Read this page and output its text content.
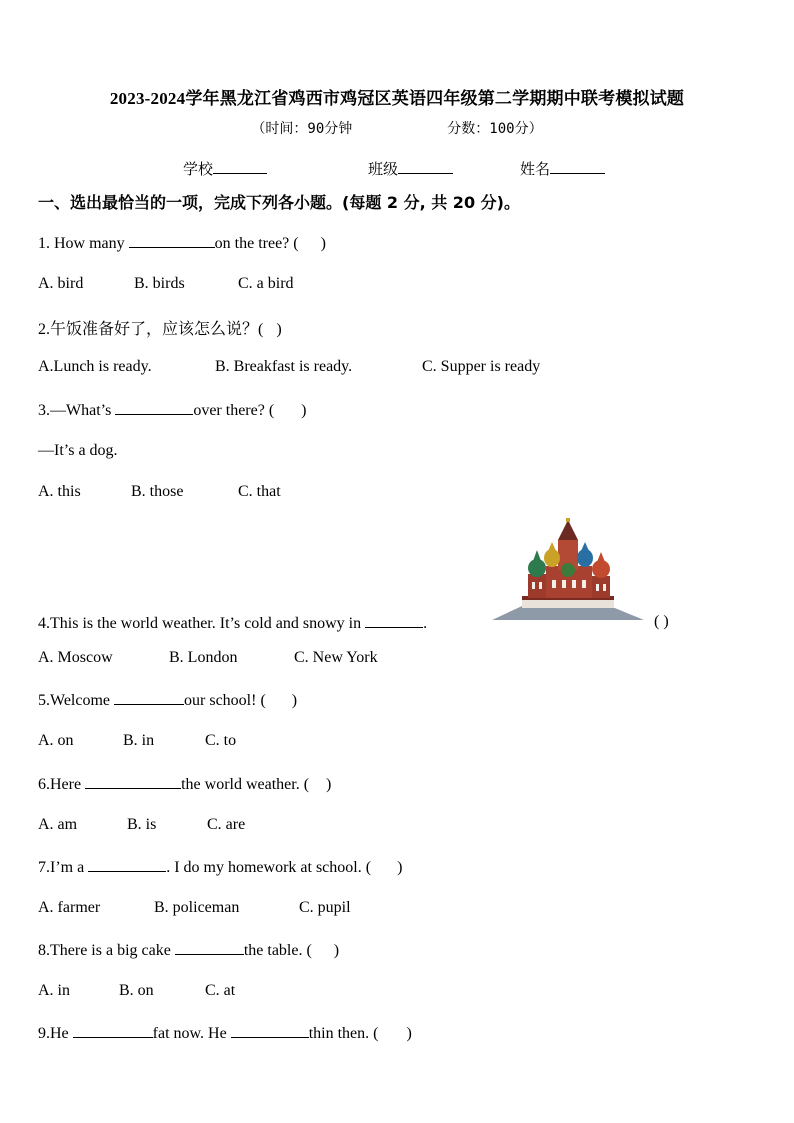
2023-2024学年黑龙江省鸡西市鸡冠区英语四年级第二学期期中联考模拟试题
（时间：90分钟	分数：100分）
学校	班级	姓名
一、选出最恰当的一项，完成下列各小题。(每题 2 分, 共 20 分)。
1. How many	on the tree? ( )
A. bird	B. birds	C. a bird
2.午饭准备好了，应该怎么说？( )
A.Lunch is ready.	B. Breakfast is ready.	C. Supper is ready
3.—What’s	over there? ( )
—It’s a dog.
A. this	B. those	C. that
4.This is the world weather. It’s cold and snowy in	.	( )
A. Moscow	B. London	C. New York
5.Welcome	our school! ( )
A. on	B. in	C. to
6.Here	the world weather. ( )
A. am	B. is	C. are
7.I’m a	. I do my homework at school. ( )
A. farmer	B. policeman	C. pupil
8.There is a big cake	the table. ( )
A. in	B. on	C. at
9.He	fat now. He	thin then. ( )
